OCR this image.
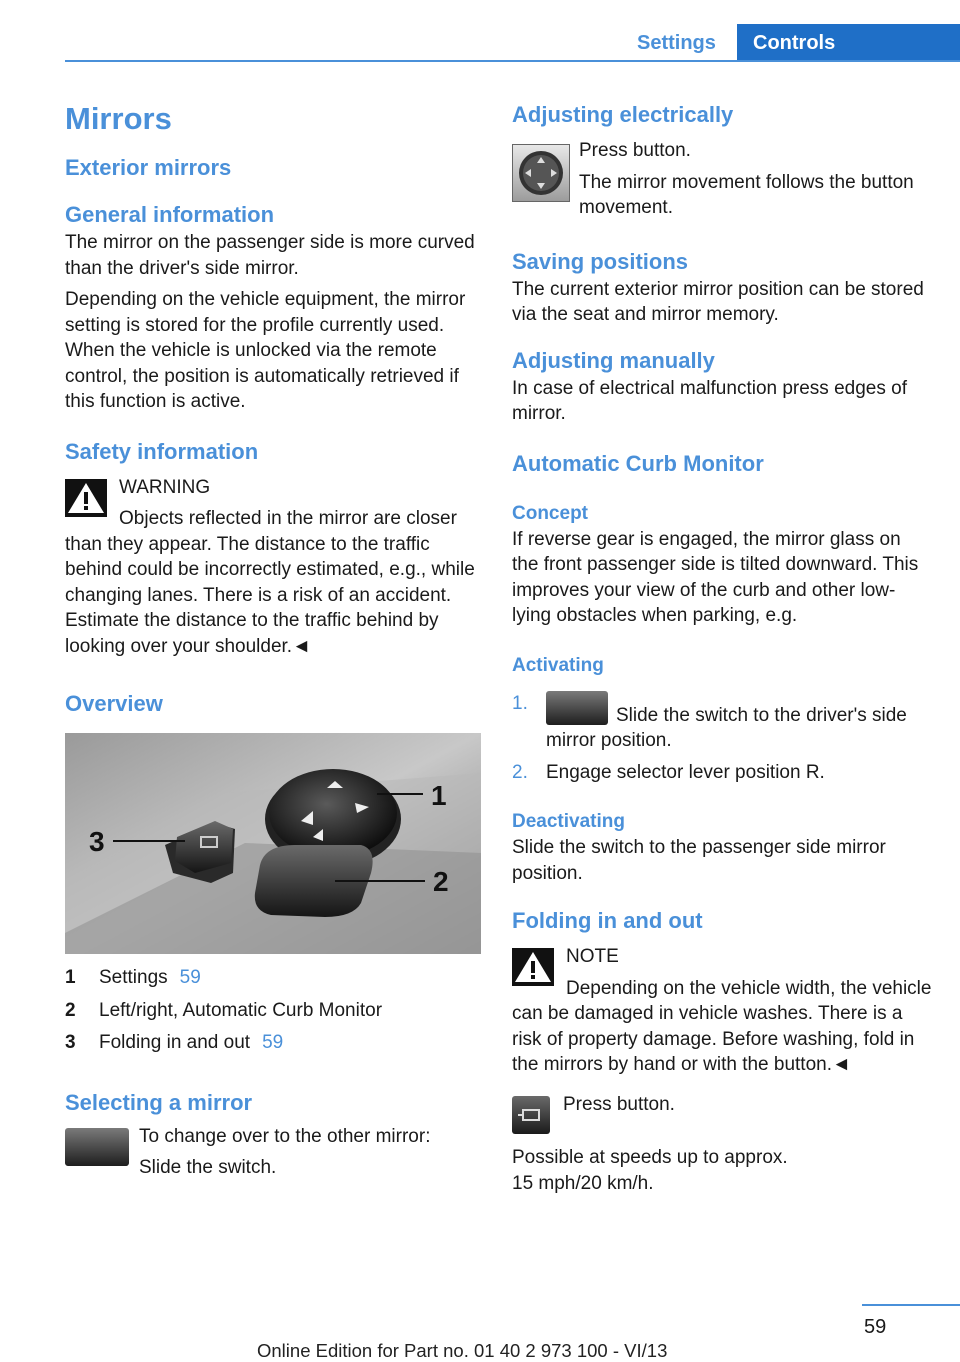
Settings Controls
Mirrors
Exterior mirrors
General information

The mirror on the passenger side is more curved than the driver's side mirror.

Depending on the vehicle equipment, the mirror setting is stored for the profile currently used. When the vehicle is unlocked via the remote control, the position is automatically retrieved if this function is active.

Safety information

WARNING

Objects reflected in the mirror are closer than they appear. The distance to the traffic behind could be incorrectly estimated, e.g., while changing lanes. There is a risk of an accident. Estimate the distance to the traffic behind by looking over your shoulder.◄

Overview
1
2
3
1 Settings 59
2 Left/right, Automatic Curb Monitor
3 Folding in and out 59
Selecting a mirror

To change over to the other mirror:

Slide the switch.

Adjusting electrically

Press button.

The mirror movement follows the button movement.

Saving positions

The current exterior mirror position can be stored via the seat and mirror memory.

Adjusting manually

In case of electrical malfunction press edges of mirror.

Automatic Curb Monitor
Concept

If reverse gear is engaged, the mirror glass on the front passenger side is tilted downward. This improves your view of the curb and other low-lying obstacles when parking, e.g.

Activating
1.
Slide the switch to the driver's side mirror position.
2. Engage selector lever position R.
Deactivating

Slide the switch to the passenger side mirror position.

Folding in and out

NOTE

Depending on the vehicle width, the vehicle can be damaged in vehicle washes. There is a risk of property damage. Before washing, fold in the mirrors by hand or with the button.◄

Press button.

Possible at speeds up to approx.

15 mph/20 km/h.

59
Online Edition for Part no. 01 40 2 973 100 - VI/13
